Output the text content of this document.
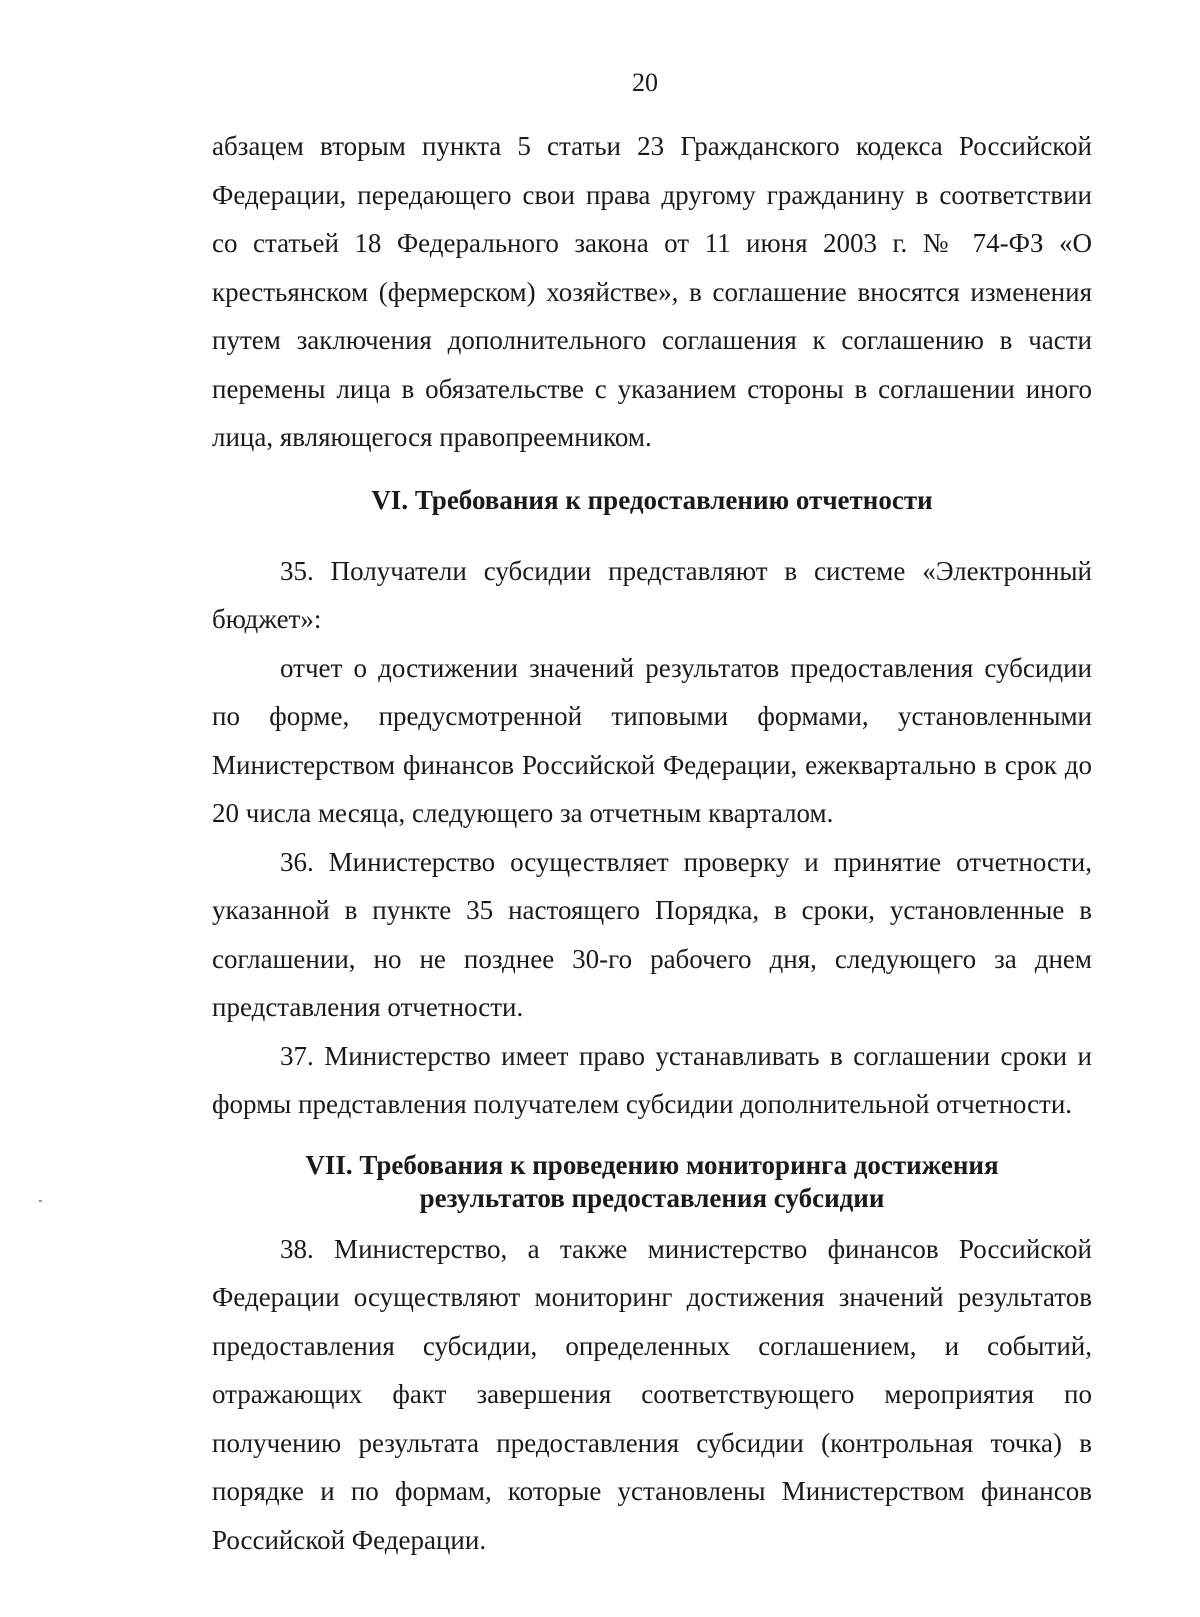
20

абзацем вторым пункта 5 статьи 23 Гражданского кодекса Российской Федерации, передающего свои права другому гражданину в соответствии со статьей 18 Федерального закона от 11 июня 2003 г. № 74-ФЗ «О крестьянском (фермерском) хозяйстве», в соглашение вносятся изменения путем заключения дополнительного соглашения к соглашению в части перемены лица в обязательстве с указанием стороны в соглашении иного лица, являющегося правопреемником.

VI. Требования к предоставлению отчетности

35. Получатели субсидии представляют в системе «Электронный бюджет»:

отчет о достижении значений результатов предоставления субсидии по форме, предусмотренной типовыми формами, установленными Министерством финансов Российской Федерации, ежеквартально в срок до 20 числа месяца, следующего за отчетным кварталом.

36. Министерство осуществляет проверку и принятие отчетности, указанной в пункте 35 настоящего Порядка, в сроки, установленные в соглашении, но не позднее 30-го рабочего дня, следующего за днем представления отчетности.

37. Министерство имеет право устанавливать в соглашении сроки и формы представления получателем субсидии дополнительной отчетности.

VII. Требования к проведению мониторинга достижения
результатов предоставления субсидии

38. Министерство, а также министерство финансов Российской Федерации осуществляют мониторинг достижения значений результатов предоставления субсидии, определенных соглашением, и событий, отражающих факт завершения соответствующего мероприятия по получению результата предоставления субсидии (контрольная точка) в порядке и по формам, которые установлены Министерством финансов Российской Федерации.
